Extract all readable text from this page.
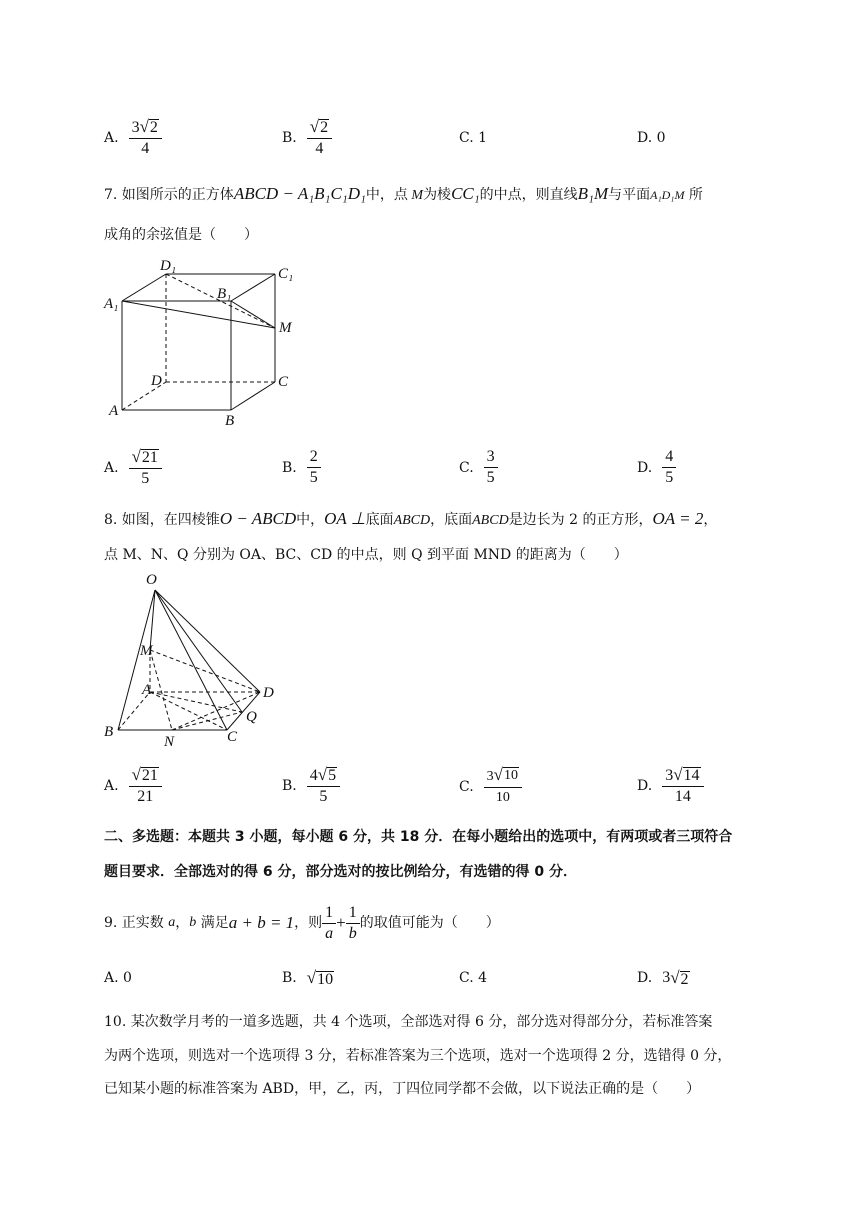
A. $\frac{3 √ 2}{4}$	B. $\frac{√ 2}{4}$	C.
1	D.
0
7. 如图所示的正方体ABCD − A₁B₁C₁D₁中，点 M为棱CC₁的中点，则直线B₁M与平面A₁D₁M 所
成角的余弦值是（　　）
D₁	C₁
B₁
A₁
M
D	C
A
B
A. $\frac{√ 21}{5}$	B. $\frac{2}{5}$	C. $\frac{3}{5}$	D. $\frac{4}{5}$
8. 如图，在四棱锥O − ABCD中，OA ⊥底面ABCD，底面ABCD是边长为 2 的正方形，OA = 2，
点 M、N、Q 分别为 OA、BC、CD 的中点，则 Q 到平面 MND 的距离为（　　）
O
M
A	D
Q
B
N	C
A. $\frac{√ 21}{21}$	B. $\frac{4 √ 5}{5}$	C. $\frac{3 √ 10}{10}$	D. $\frac{3 √ 14}{14}$
二、多选题：本题共 3 小题，每小题 6 分，共 18 分．在每小题给出的选项中，有两项或者三项符合
题目要求．全部选对的得 6 分，部分选对的按比例给分，有选错的得 0 分．
9. 正实数
a ， b
满足 a + b = 1 ，则 $\frac{1}{a} + \frac{1}{b}$ 的取值可能为（　　）
A.
0	B. √ 10	C.
4	D. 3 √ 2
10. 某次数学月考的一道多选题，共 4 个选项，全部选对得 6 分，部分选对得部分分，若标准答案
为两个选项，则选对一个选项得 3 分，若标准答案为三个选项，选对一个选项得 2 分，选错得 0 分，
已知某小题的标准答案为 ABD，甲，乙，丙，丁四位同学都不会做，以下说法正确的是（　　）
